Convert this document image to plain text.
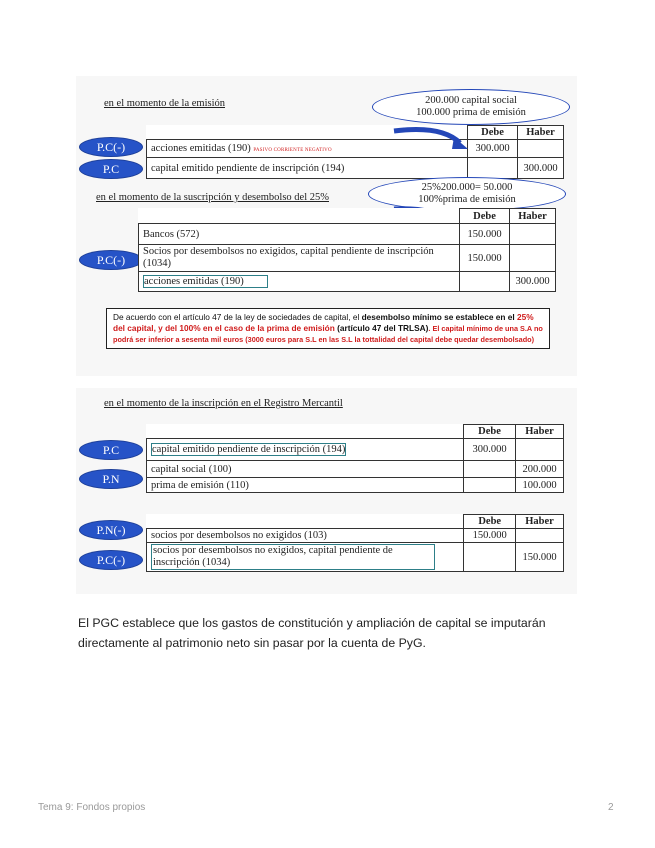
en el momento de la emisión	200.000 capital social
100.000 prima de emisión
P.C(-)
P.C
	Debe	Haber
acciones emitidas (190) PASIVO CORRIENTE NEGATIVO	300.000	
capital emitido pendiente de inscripción (194)		300.000
en el momento de la suscripción y desembolso del 25%
25%200.000= 50.000
100%prima de emisión
P.C(-)
	Debe	Haber
Bancos (572)	150.000	
Socios por desembolsos no exigidos, capital pendiente de inscripción (1034)	150.000	
acciones emitidas (190)		300.000
De acuerdo con el artículo 47 de la ley de sociedades de capital, el desembolso mínimo se establece en el 25% del capital, y del 100% en el caso de la prima de emisión (artículo 47 del TRLSA). El capital mínimo de una S.A no podrá ser inferior a sesenta mil euros (3000 euros para S.L en las S.L la tottalidad del capital debe quedar desembolsado)
en el momento de la inscripción en el Registro Mercantil
P.C
P.N
P.N(-)
P.C(-)
	Debe	Haber
capital emitido pendiente de inscripción (194)	300.000	
capital social (100)		200.000
prima de emisión (110)		100.000
	Debe	Haber
socios por desembolsos no exigidos (103)	150.000	
socios por desembolsos no exigidos, capital pendiente de inscripción (1034)		150.000
El PGC establece que los gastos de constitución y ampliación de capital se imputarán directamente al patrimonio neto sin pasar por la cuenta de PyG.
Tema 9: Fondos propios	2
